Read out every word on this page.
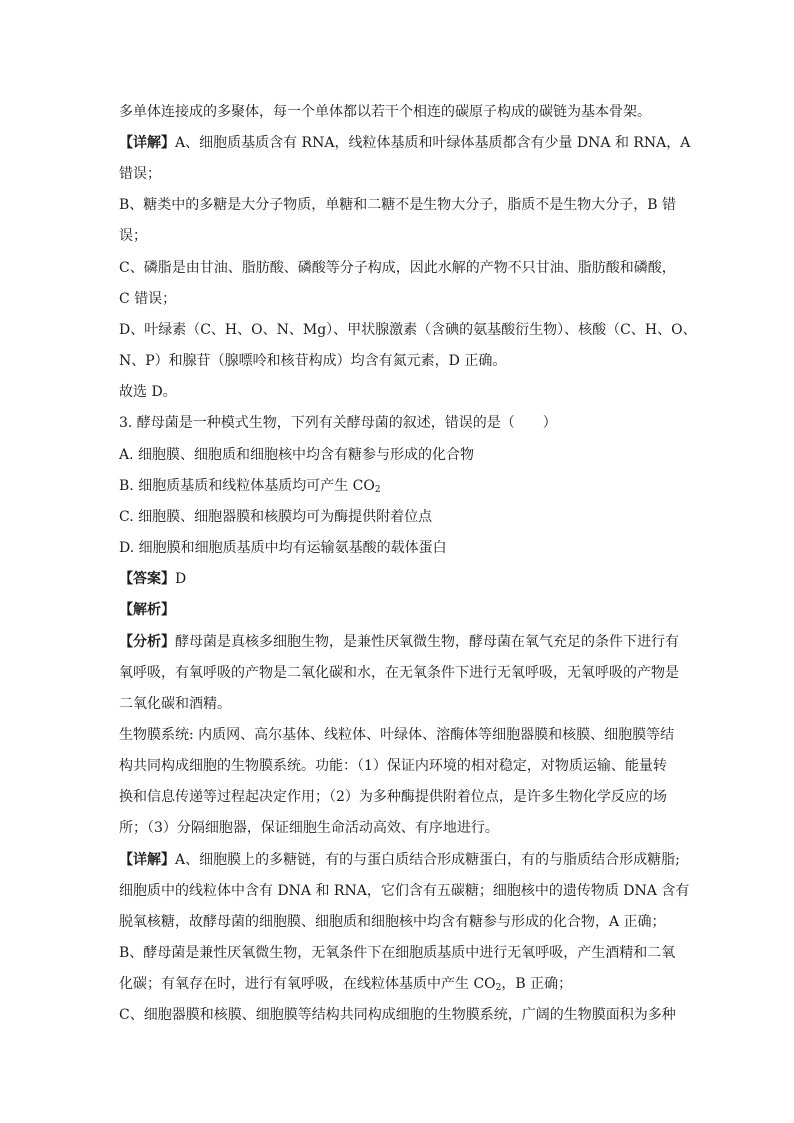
多单体连接成的多聚体，每一个单体都以若干个相连的碳原子构成的碳链为基本骨架。
【详解】A、细胞质基质含有 RNA，线粒体基质和叶绿体基质都含有少量 DNA 和 RNA，A
错误；
B、糖类中的多糖是大分子物质，单糖和二糖不是生物大分子，脂质不是生物大分子，B 错
误；
C、磷脂是由甘油、脂肪酸、磷酸等分子构成，因此水解的产物不只甘油、脂肪酸和磷酸，
C 错误；
D、叶绿素（C、H、O、N、Mg）、甲状腺激素（含碘的氨基酸衍生物）、核酸（C、H、O、
N、P）和腺苷（腺嘌呤和核苷构成）均含有氮元素，D 正确。
故选 D。
3. 酵母菌是一种模式生物，下列有关酵母菌的叙述，错误的是（　　）
A. 细胞膜、细胞质和细胞核中均含有糖参与形成的化合物
B. 细胞质基质和线粒体基质均可产生 $CO_2$
C. 细胞膜、细胞器膜和核膜均可为酶提供附着位点
D. 细胞膜和细胞质基质中均有运输氨基酸的载体蛋白
【答案】D
【解析】
【分析】酵母菌是真核多细胞生物，是兼性厌氧微生物，酵母菌在氧气充足的条件下进行有
氧呼吸，有氧呼吸的产物是二氧化碳和水，在无氧条件下进行无氧呼吸，无氧呼吸的产物是
二氧化碳和酒精。
生物膜系统: 内质网、高尔基体、线粒体、叶绿体、溶酶体等细胞器膜和核膜、细胞膜等结
构共同构成细胞的生物膜系统。功能：（1）保证内环境的相对稳定，对物质运输、能量转
换和信息传递等过程起决定作用；（2）为多种酶提供附着位点，是许多生物化学反应的场
所；（3）分隔细胞器，保证细胞生命活动高效、有序地进行。
【详解】A、细胞膜上的多糖链，有的与蛋白质结合形成糖蛋白，有的与脂质结合形成糖脂;
细胞质中的线粒体中含有 DNA 和 RNA，它们含有五碳糖；细胞核中的遗传物质 DNA 含有
脱氧核糖，故酵母菌的细胞膜、细胞质和细胞核中均含有糖参与形成的化合物，A 正确；
B、酵母菌是兼性厌氧微生物，无氧条件下在细胞质基质中进行无氧呼吸，产生酒精和二氧
化碳；有氧存在时，进行有氧呼吸，在线粒体基质中产生 $CO_2$，B 正确；
C、细胞器膜和核膜、细胞膜等结构共同构成细胞的生物膜系统，广阔的生物膜面积为多种
